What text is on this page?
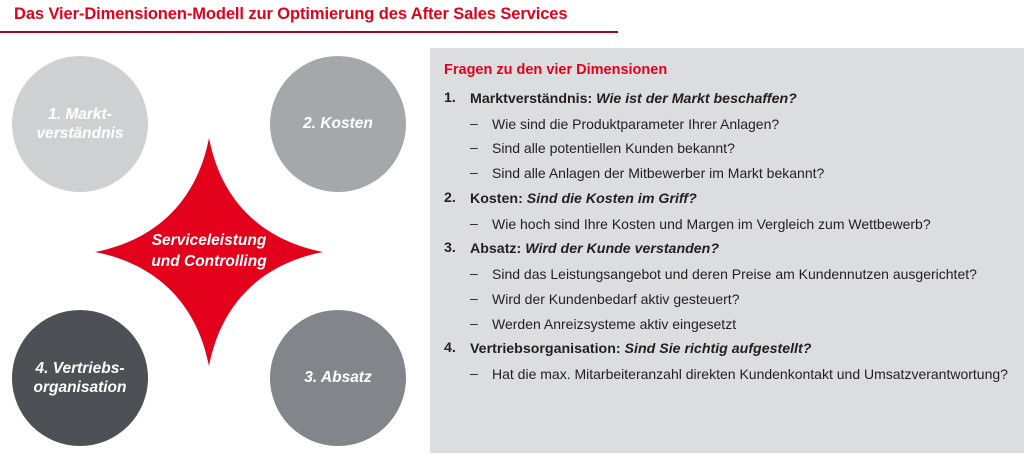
Das Vier-Dimensionen-Modell zur Optimierung des After Sales Services
1. Markt-
verständnis
2. Kosten
4. Vertriebs-
organisation
3. Absatz
Serviceleistung
und Controlling
Fragen zu den vier Dimensionen
1. Marktverständnis: Wie ist der Markt beschaffen?
–	Wie sind die Produktparameter Ihrer Anlagen?
–	Sind alle potentiellen Kunden bekannt?
–	Sind alle Anlagen der Mitbewerber im Markt bekannt?
2. Kosten: Sind die Kosten im Griff?
–	Wie hoch sind Ihre Kosten und Margen im Vergleich zum Wettbewerb?
3. Absatz: Wird der Kunde verstanden?
–	Sind das Leistungsangebot und deren Preise am Kundennutzen ausgerichtet?
–	Wird der Kundenbedarf aktiv gesteuert?
–	Werden Anreizsysteme aktiv eingesetzt
4. Vertriebsorganisation: Sind Sie richtig aufgestellt?
–	Hat die max. Mitarbeiteranzahl direkten Kundenkontakt und Umsatzverantwortung?
